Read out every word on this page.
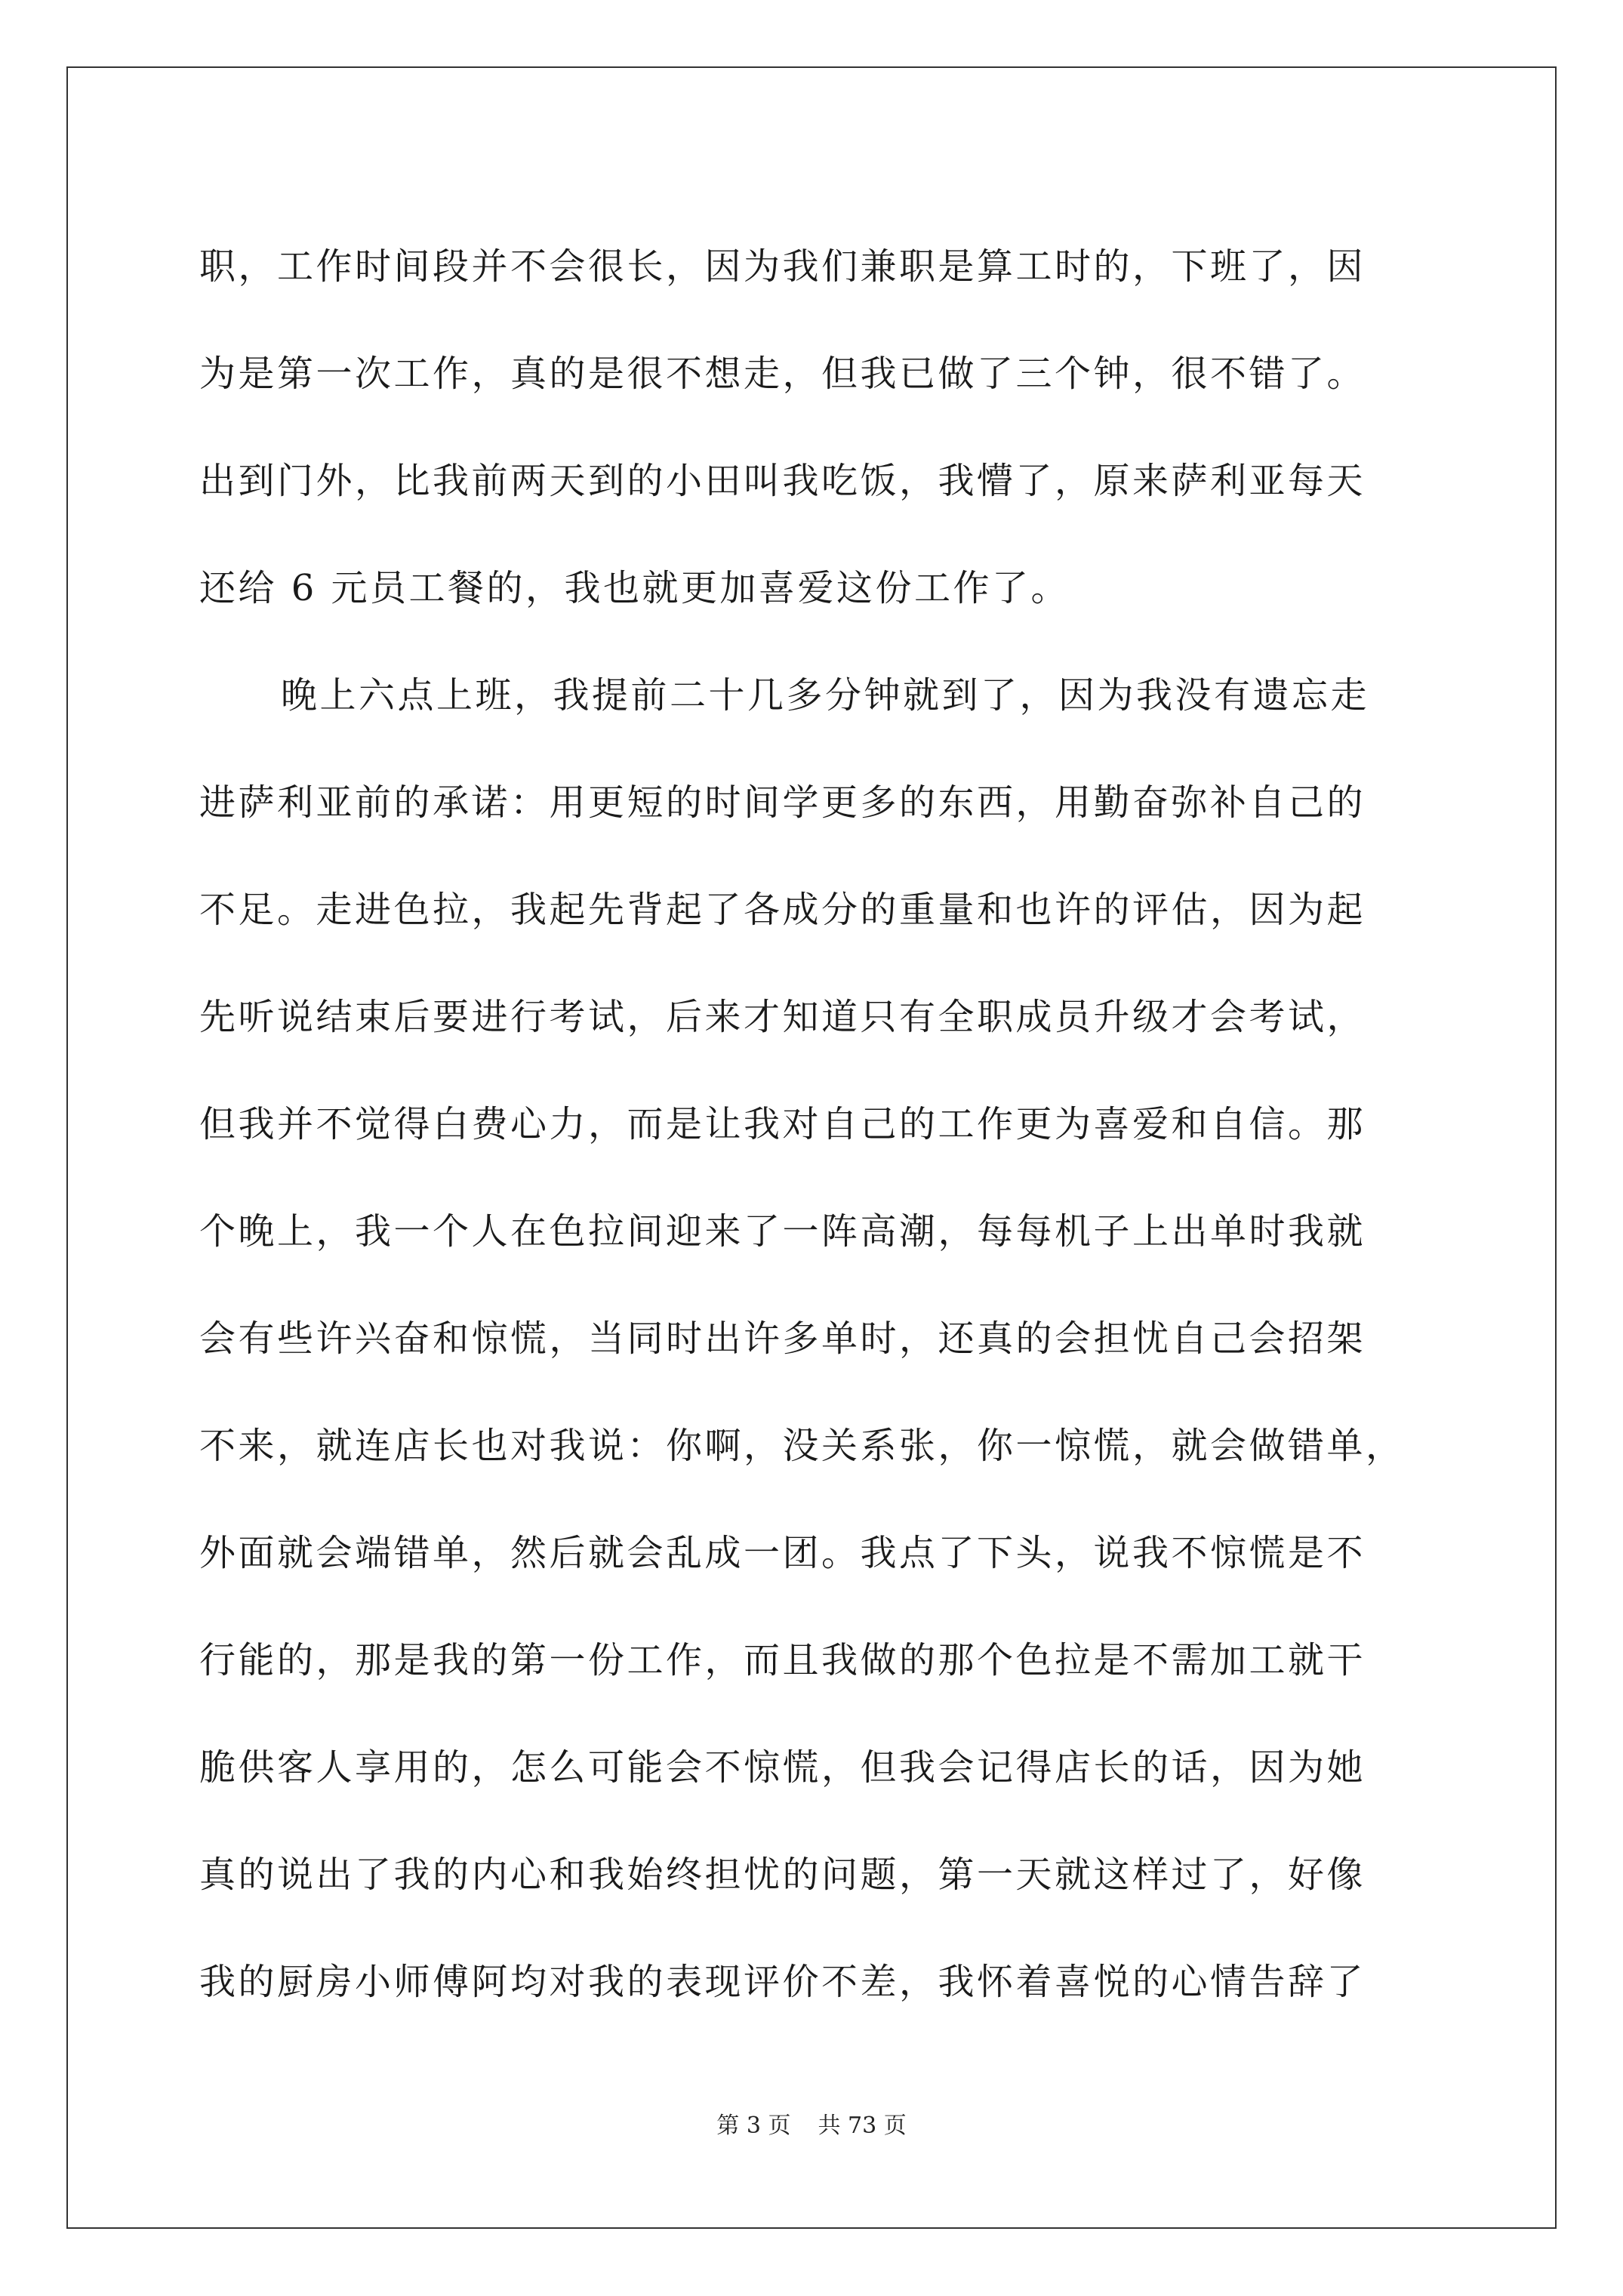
职，工作时间段并不会很长，因为我们兼职是算工时的，下班了，因

为是第一次工作，真的是很不想走，但我已做了三个钟，很不错了。

出到门外，比我前两天到的小田叫我吃饭，我懵了，原来萨利亚每天

还给 6 元员工餐的，我也就更加喜爱这份工作了。

晚上六点上班，我提前二十几多分钟就到了，因为我没有遗忘走

进萨利亚前的承诺：用更短的时间学更多的东西，用勤奋弥补自己的

不足。走进色拉，我起先背起了各成分的重量和也许的评估，因为起

先听说结束后要进行考试，后来才知道只有全职成员升级才会考试，

但我并不觉得白费心力，而是让我对自己的工作更为喜爱和自信。那

个晚上，我一个人在色拉间迎来了一阵高潮，每每机子上出单时我就

会有些许兴奋和惊慌，当同时出许多单时，还真的会担忧自己会招架

不来，就连店长也对我说：你啊，没关系张，你一惊慌，就会做错单，

外面就会端错单，然后就会乱成一团。我点了下头，说我不惊慌是不

行能的，那是我的第一份工作，而且我做的那个色拉是不需加工就干

脆供客人享用的，怎么可能会不惊慌，但我会记得店长的话，因为她

真的说出了我的内心和我始终担忧的问题，第一天就这样过了，好像

我的厨房小师傅阿均对我的表现评价不差，我怀着喜悦的心情告辞了

第 3 页 共 73 页
